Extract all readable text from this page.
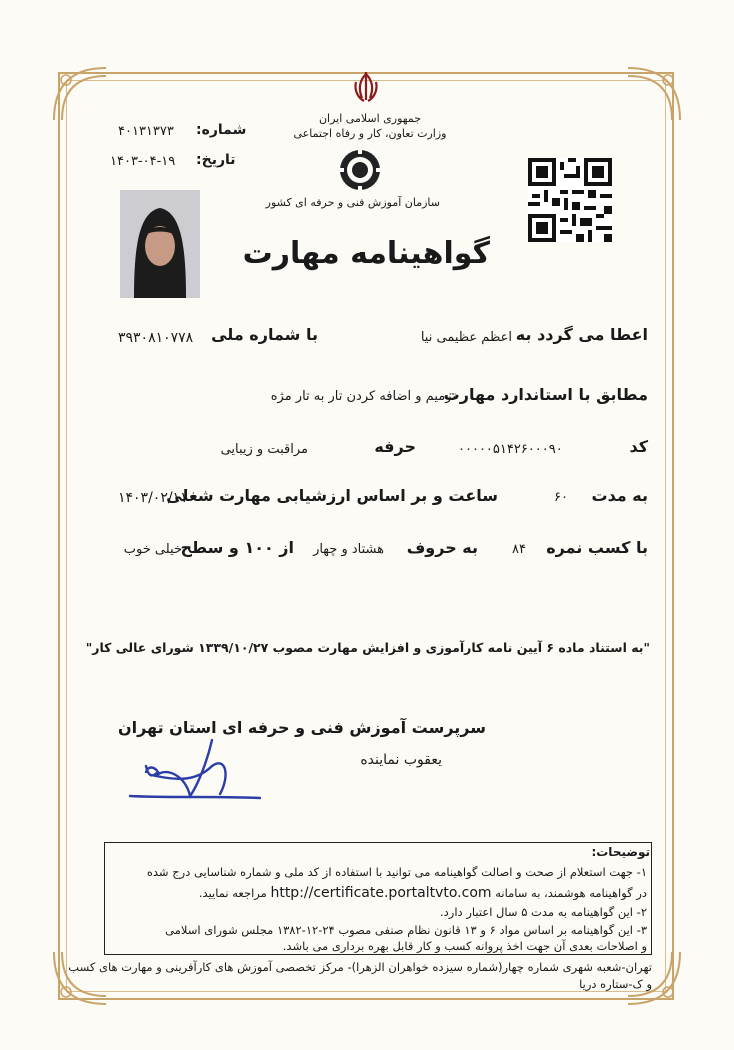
جمهوری اسلامی ایران
وزارت تعاون، کار و رفاه اجتماعی
سازمان آموزش فنی و حرفه ای کشور
شماره:
۴۰۱۳۱۳۷۳
تاریخ:
۱۴۰۳-۰۴-۱۹
گواهینامه مهارت
اعطا می گردد به
اعظم عظیمی نیا
با شماره ملی
۳۹۳۰۸۱۰۷۷۸
مطابق با استاندارد مهارت
ترمیم و اضافه کردن تار به تار مژه
کد
۰۰۰۰۰۵۱۴۲۶۰۰۰۹۰
حرفه
مراقبت و زیبایی
به مدت
۶۰
ساعت و بر اساس ارزشیابی مهارت شغلی
۱۴۰۳/۰۲/۱۱
با کسب نمره
۸۴
به حروف
هشتاد و چهار
از ۱۰۰ و سطح
خیلی خوب
"به استناد ماده ۶ آیین نامه کارآموزی و افزایش مهارت مصوب ۱۳۳۹/۱۰/۲۷ شورای عالی کار"
سرپرست آموزش فنی و حرفه ای استان تهران
یعقوب نماینده
توضیحات:
۱- جهت استعلام از صحت و اصالت گواهینامه می توانید با استفاده از کد ملی و شماره شناسایی درج شده
در گواهینامه هوشمند، به سامانه http://certificate.portaltvto.com مراجعه نمایید.
۲- این گواهینامه به مدت ۵ سال اعتبار دارد.
۳- این گواهینامه بر اساس مواد ۶ و ۱۳ قانون نظام صنفی مصوب ۲۴-۱۲-۱۳۸۲ مجلس شورای اسلامی
و اصلاحات بعدی آن جهت اخذ پروانه کسب و کار قابل بهره برداری می باشد.
تهران-شعبه شهری شماره چهار(شماره سیزده خواهران الزهرا)- مرکز تخصصی آموزش های کارآفرینی و مهارت های کسب
و ک-ستاره دریا
